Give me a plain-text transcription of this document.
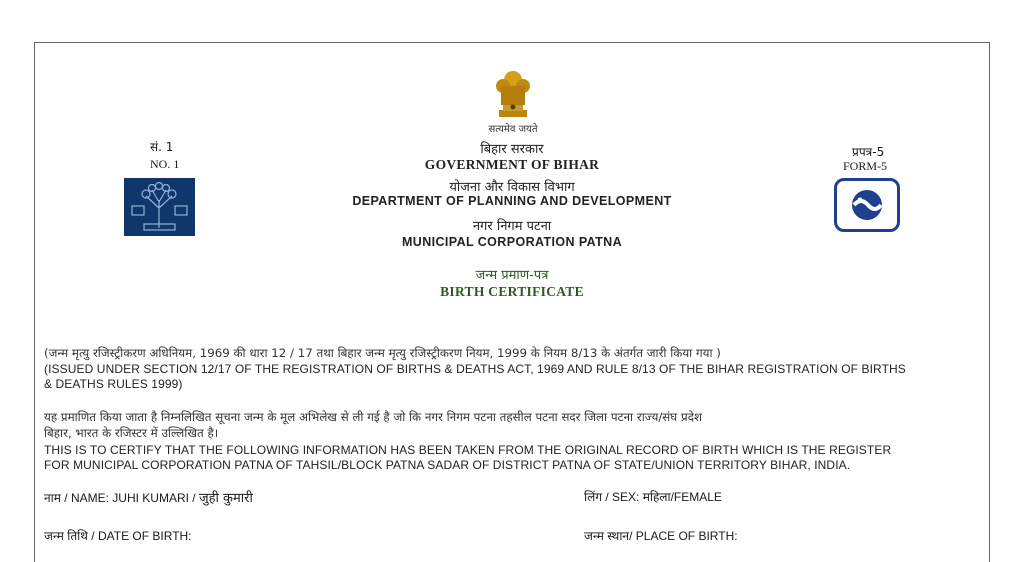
सत्यमेव जयते
बिहार सरकार
GOVERNMENT OF BIHAR
योजना और विकास विभाग
DEPARTMENT OF PLANNING AND DEVELOPMENT
नगर निगम पटना
MUNICIPAL CORPORATION PATNA
जन्म प्रमाण-पत्र
BIRTH CERTIFICATE
सं. 1
NO. 1
प्रपत्र-5
FORM-5
(जन्म मृत्यु रजिस्ट्रीकरण अधिनियम, 1969 की धारा 12 / 17 तथा बिहार जन्म मृत्यु रजिस्ट्रीकरण नियम, 1999 के नियम 8/13 के अंतर्गत जारी किया गया )
(ISSUED UNDER SECTION 12/17 OF THE REGISTRATION OF BIRTHS & DEATHS ACT, 1969 AND RULE 8/13 OF THE BIHAR REGISTRATION OF BIRTHS
& DEATHS RULES 1999)
यह प्रमाणित किया जाता है निम्नलिखित सूचना जन्म के मूल अभिलेख से ली गई है जो कि नगर निगम पटना तहसील पटना सदर जिला पटना राज्य/संघ प्रदेश
बिहार, भारत के रजिस्टर में उल्लिखित है।
THIS IS TO CERTIFY THAT THE FOLLOWING INFORMATION HAS BEEN TAKEN FROM THE ORIGINAL RECORD OF BIRTH WHICH IS THE REGISTER
FOR MUNICIPAL CORPORATION PATNA OF TAHSIL/BLOCK PATNA SADAR OF DISTRICT PATNA OF STATE/UNION TERRITORY BIHAR, INDIA.
नाम / NAME: JUHI KUMARI / जुही कुमारी	लिंग / SEX: महिला/FEMALE
जन्म तिथि / DATE OF BIRTH:	जन्म स्थान/ PLACE OF BIRTH:
